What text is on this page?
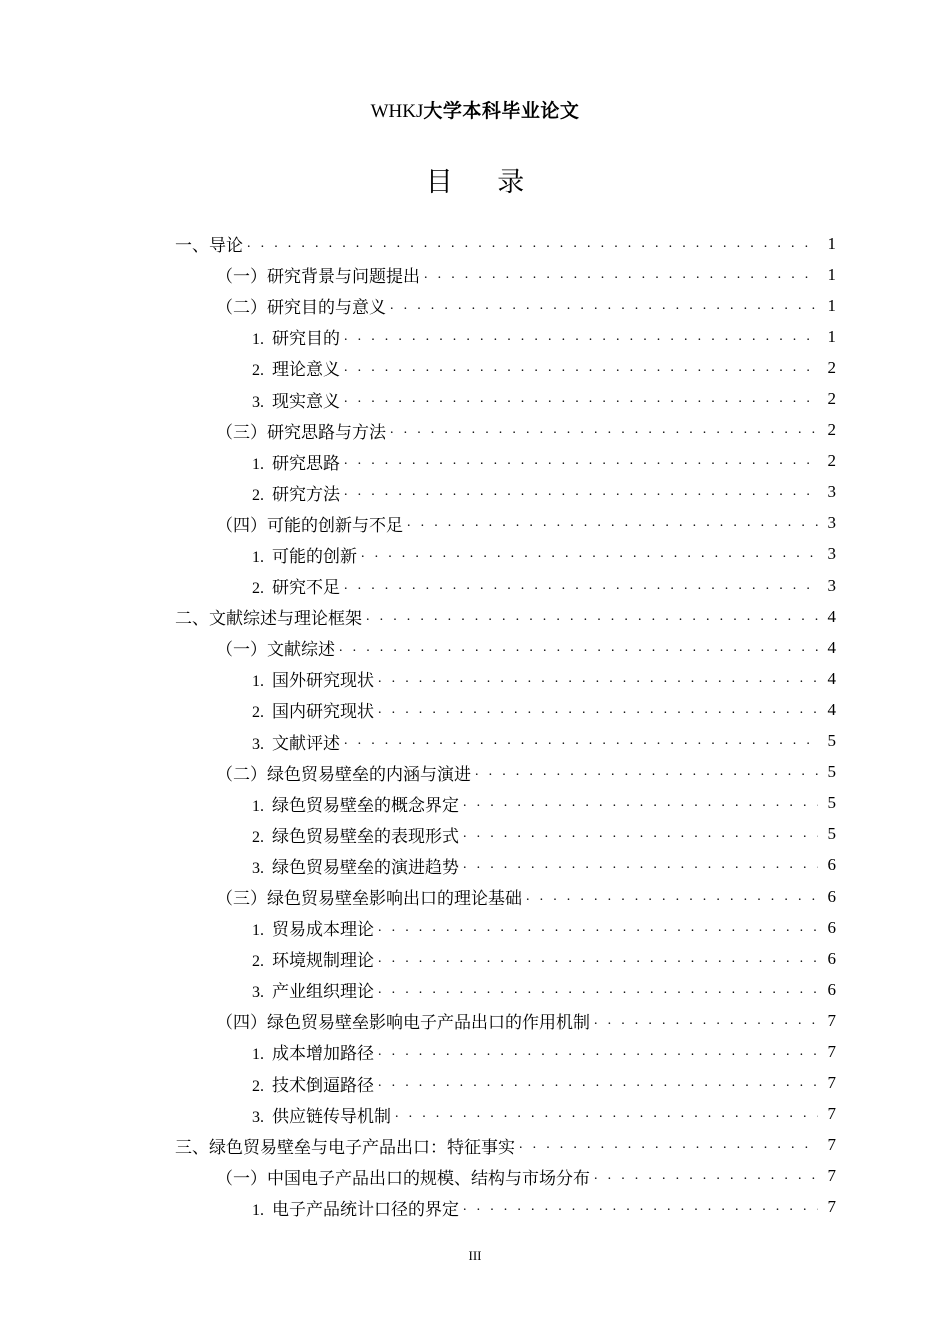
WHKJ大学本科毕业论文
目 录
一、导论 . . .	1
（一）研究背景与问题提出 . . .	1
（二）研究目的与意义 . . .	1
1. 研究目的 . . .	1
2. 理论意义 . . .	2
3. 现实意义 . . .	2
（三）研究思路与方法 . . .	2
1. 研究思路 . . .	2
2. 研究方法 . . .	3
（四）可能的创新与不足 . . .	3
1. 可能的创新 . . .	3
2. 研究不足 . . .	3
二、文献综述与理论框架 . . .	4
（一）文献综述 . . .	4
1. 国外研究现状 . . .	4
2. 国内研究现状 . . .	4
3. 文献评述 . . .	5
（二）绿色贸易壁垒的内涵与演进 . . .	5
1. 绿色贸易壁垒的概念界定 . . .	5
2. 绿色贸易壁垒的表现形式 . . .	5
3. 绿色贸易壁垒的演进趋势 . . .	6
（三）绿色贸易壁垒影响出口的理论基础 . . .	6
1. 贸易成本理论 . . .	6
2. 环境规制理论 . . .	6
3. 产业组织理论 . . .	6
（四）绿色贸易壁垒影响电子产品出口的作用机制 . . .	7
1. 成本增加路径 . . .	7
2. 技术倒逼路径 . . .	7
3. 供应链传导机制 . . .	7
三、绿色贸易壁垒与电子产品出口：特征事实 . . .	7
（一）中国电子产品出口的规模、结构与市场分布 . . .	7
1. 电子产品统计口径的界定 . . .	7
III
